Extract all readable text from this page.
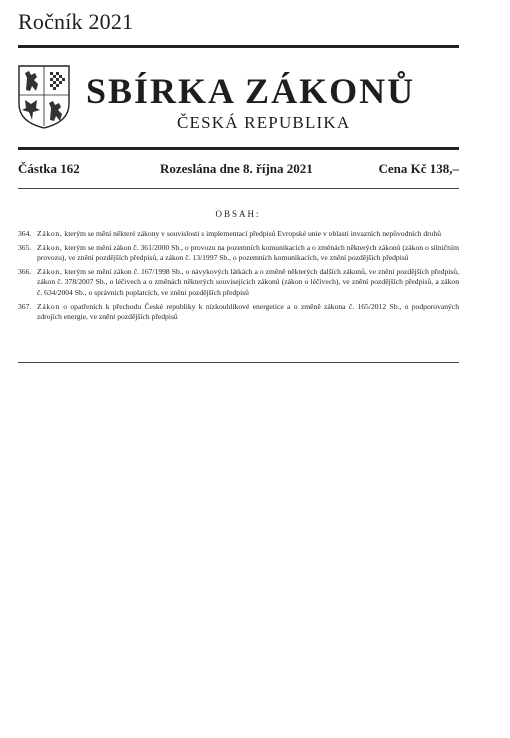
Ročník 2021
SBÍRKA ZÁKONŮ
ČESKÁ REPUBLIKA
Částka 162	Rozeslána dne 8. října 2021	Cena Kč 138,–
OBSAH:
364. Zákon, kterým se mění některé zákony v souvislosti s implementací předpisů Evropské unie v oblasti invazních nepůvodních druhů
365. Zákon, kterým se mění zákon č. 361/2000 Sb., o provozu na pozemních komunikacích a o změnách některých zákonů (zákon o silničním provozu), ve znění pozdějších předpisů, a zákon č. 13/1997 Sb., o pozemních komunikacích, ve znění pozdějších předpisů
366. Zákon, kterým se mění zákon č. 167/1998 Sb., o návykových látkách a o změně některých dalších zákonů, ve znění pozdějších předpisů, zákon č. 378/2007 Sb., o léčivech a o změnách některých souvisejících zákonů (zákon o léčivech), ve znění pozdějších předpisů, a zákon č. 634/2004 Sb., o správních poplatcích, ve znění pozdějších předpisů
367. Zákon o opatřeních k přechodu České republiky k nízkouhlíkové energetice a o změně zákona č. 165/2012 Sb., o podporovaných zdrojích energie, ve znění pozdějších předpisů
